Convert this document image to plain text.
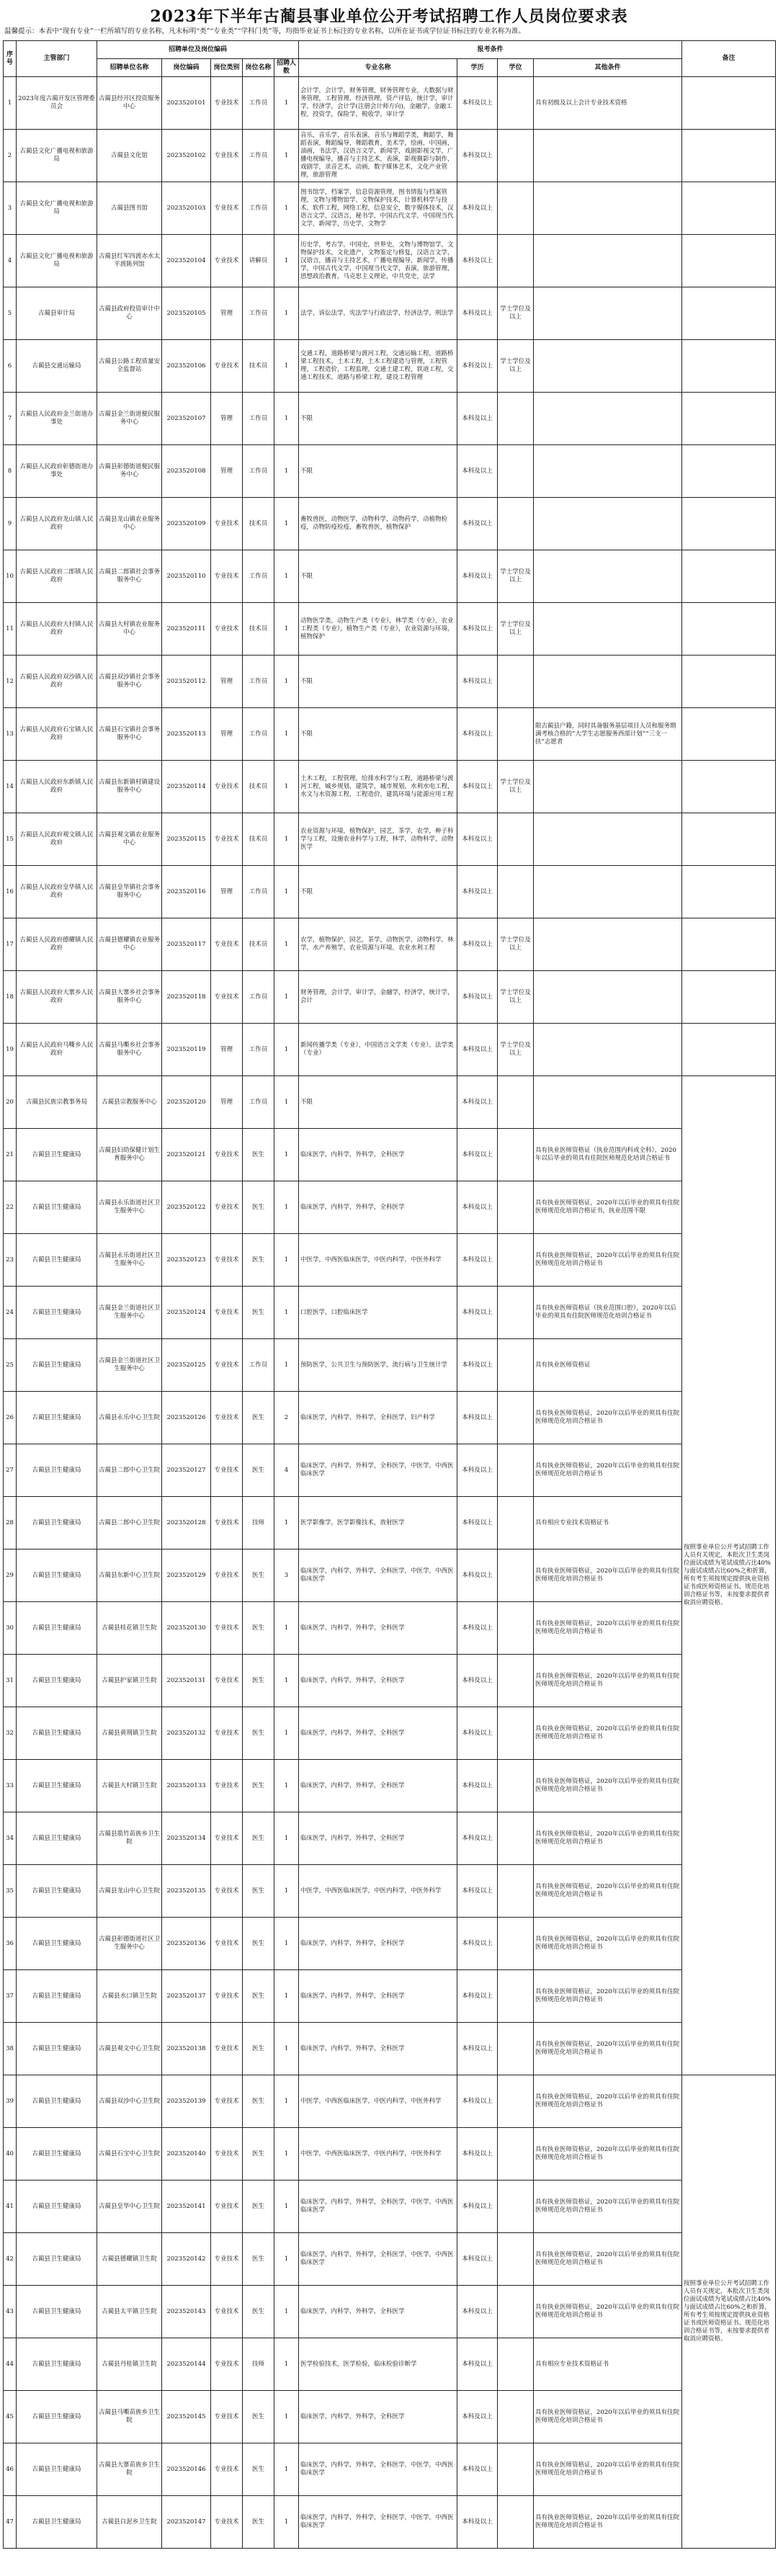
2023年下半年古蔺县事业单位公开考试招聘工作人员岗位要求表
温馨提示：本表中“现有专业”一栏所填写的专业名称，凡未标明“类”“专业类”“学科门类”等，均指毕业证书上标注的专业名称，以所在证书或学位证书标注的专业名称为准。
序号	主管部门	招聘单位及岗位编码					报考条件				备注
		招聘单位名称	岗位编码	岗位类别	岗位名称	招聘人数	专业名称	学历	学位	其他条件	
1	2023年度古蔺开发区管理委员会	古蔺县经开区投资服务中心	2023520101	专业技术	工作员	1	会计学，会计学，财务管理，财务管理专业，大数据与财务管理，工程管理，经济管理，资产评估，统计学，审计学，经济学，会计学(注册会计师方向)，金融学，金融工程，投资学，保险学，税收学，审计学	本科及以上		具有初级及以上会计专业技术资格	
2	古蔺县文化广播电视和旅游局	古蔺县文化馆	2023520102	专业技术	工作员	1	音乐，音乐学，音乐表演，音乐与舞蹈学类，舞蹈学，舞蹈表演，舞蹈编导，舞蹈教育，美术学，绘画，中国画，油画，书法学，汉语言文学，新闻学，戏剧影视文学，广播电视编导，播音与主持艺术，表演，影视摄影与制作，戏剧学，录音艺术，动画，数字媒体艺术，文化产业管理，旅游管理	本科及以上			
3	古蔺县文化广播电视和旅游局	古蔺县图书馆	2023520103	专业技术	工作员	1	图书馆学，档案学，信息资源管理，图书情报与档案管理，文物与博物馆学，文物保护技术，计算机科学与技术，软件工程，网络工程，信息安全，数字媒体技术，汉语言文学，汉语言，秘书学，中国古代文学，中国现当代文学，新闻学，历史学，文物学	本科及以上			
4	古蔺县文化广播电视和旅游局	古蔺县红军四渡赤水太平渡陈列馆	2023520104	专业技术	讲解员	1	历史学，考古学，中国史，世界史，文物与博物馆学，文物保护技术，文化遗产，文物鉴定与修复，汉语言文学，汉语言，播音与主持艺术，广播电视编导，新闻学，传播学，中国古代文学，中国现当代文学，表演，旅游管理，思想政治教育，马克思主义理论，中共党史，法学	本科及以上			
5	古蔺县审计局	古蔺县政府投资审计中心	2023520105	管理	工作员	1	法学，诉讼法学，宪法学与行政法学，经济法学，刑法学	本科及以上	学士学位及以上		
6	古蔺县交通运输局	古蔺县公路工程质量安全监督站	2023520106	专业技术	技术员	1	交通工程，道路桥梁与渡河工程，交通运输工程，道路桥梁工程技术，土木工程，土木工程建造与管理，工程管理，工程造价，工程监理，交通土建工程，铁道工程，交通工程技术，道路与桥梁工程，建设工程管理	本科及以上	学士学位及以上		
7	古蔺县人民政府金兰街道办事处	古蔺县金兰街道便民服务中心	2023520107	管理	工作员	1	不限	本科及以上			
8	古蔺县人民政府彰德街道办事处	古蔺县彰德街道便民服务中心	2023520108	管理	工作员	1	不限	本科及以上			
9	古蔺县人民政府龙山镇人民政府	古蔺县龙山镇农业服务中心	2023520109	专业技术	技术员	1	畜牧兽医，动物医学，动物科学，动物药学，动植物检疫，动物防疫检疫，畜牧兽医，植物保护	本科及以上			
10	古蔺县人民政府二郎镇人民政府	古蔺县二郎镇社会事务服务中心	2023520110	专业技术	工作员	1	不限	本科及以上	学士学位及以上		
11	古蔺县人民政府大村镇人民政府	古蔺县大村镇农业服务中心	2023520111	专业技术	技术员	1	动物医学类，动物生产类（专业），林学类（专业），农业工程类（专业），植物生产类（专业），农业资源与环境，植物保护	本科及以上	学士学位及以上		
12	古蔺县人民政府双沙镇人民政府	古蔺县双沙镇社会事务服务中心	2023520112	管理	工作员	1	不限	本科及以上			
13	古蔺县人民政府石宝镇人民政府	古蔺县石宝镇社会事务服务中心	2023520113	管理	工作员	1	不限	本科及以上		限古蔺县户籍，同时具备服务基层项目人员和服务期满考核合格的“大学生志愿服务西部计划”“三支一扶”志愿者	
14	古蔺县人民政府东新镇人民政府	古蔺县东新镇村镇建设服务中心	2023520114	专业技术	技术员	1	土木工程，工程管理，给排水科学与工程，道路桥梁与渡河工程，城乡规划，建筑学，城市规划，水利水电工程，水文与水资源工程，工程造价，建筑环境与能源应用工程	本科及以上	学士学位及以上		
15	古蔺县人民政府观文镇人民政府	古蔺县观文镇农业服务中心	2023520115	专业技术	技术员	1	农业资源与环境，植物保护，园艺，茶学，农学，种子科学与工程，设施农业科学与工程，林学，动物科学，动物医学	本科及以上			
16	古蔺县人民政府皇华镇人民政府	古蔺县皇华镇社会事务服务中心	2023520116	管理	工作员	1	不限	本科及以上			
17	古蔺县人民政府德耀镇人民政府	古蔺县德耀镇农业服务中心	2023520117	专业技术	技术员	1	农学，植物保护，园艺，茶学，动物医学，动物科学，林学，水产养殖学，农业资源与环境，农业水利工程	本科及以上	学士学位及以上		
18	古蔺县人民政府大寨乡人民政府	古蔺县大寨乡社会事务服务中心	2023520118	专业技术	工作员	1	财务管理，会计学，审计学，金融学，经济学，统计学，会计	本科及以上	学士学位及以上		
19	古蔺县人民政府马嘶乡人民政府	古蔺县马嘶乡社会事务服务中心	2023520119	管理	工作员	1	新闻传播学类（专业），中国语言文学类（专业），法学类（专业）	本科及以上	学士学位及以上		
20	古蔺县民族宗教事务局	古蔺县宗教服务中心	2023520120	管理	工作员	1	不限	本科及以上			按照事业单位公开考试招聘工作人员有关规定，本批次卫生类岗位面试成绩为笔试成绩占比40%与面试成绩占比60%之和折算，所有考生须按规定提供执业资格证书或医师资格证书、规范化培训合格证书等，未按要求提供者取消应聘资格。
21	古蔺县卫生健康局	古蔺县妇幼保健计划生育服务中心	2023520121	专业技术	医生	1	临床医学，内科学，外科学，全科医学	本科及以上		具有执业医师资格证（执业范围内科或全科），2020年以后毕业的须具有住院医师规范化培训合格证书	
22	古蔺县卫生健康局	古蔺县永乐街道社区卫生服务中心	2023520122	专业技术	医生	1	临床医学，内科学，外科学，全科医学	本科及以上		具有执业医师资格证，2020年以后毕业的须具有住院医师规范化培训合格证书，执业范围不限	
23	古蔺县卫生健康局	古蔺县永乐街道社区卫生服务中心	2023520123	专业技术	医生	1	中医学，中西医临床医学，中医内科学，中医外科学	本科及以上		具有执业医师资格证，2020年以后毕业的须具有住院医师规范化培训合格证书	
24	古蔺县卫生健康局	古蔺县金兰街道社区卫生服务中心	2023520124	专业技术	医生	1	口腔医学，口腔临床医学	本科及以上		具有执业医师资格证（执业范围口腔），2020年以后毕业的须具有住院医师规范化培训合格证书	
25	古蔺县卫生健康局	古蔺县金兰街道社区卫生服务中心	2023520125	专业技术	工作员	1	预防医学，公共卫生与预防医学，流行病与卫生统计学	本科及以上		具有执业医师资格证	
26	古蔺县卫生健康局	古蔺县永乐中心卫生院	2023520126	专业技术	医生	2	临床医学，内科学，外科学，全科医学，妇产科学	本科及以上		具有执业医师资格证，2020年以后毕业的须具有住院医师规范化培训合格证书	
27	古蔺县卫生健康局	古蔺县二郎中心卫生院	2023520127	专业技术	医生	4	临床医学，内科学，外科学，全科医学，中医学，中西医临床医学	本科及以上		具有执业医师资格证，2020年以后毕业的须具有住院医师规范化培训合格证书	
28	古蔺县卫生健康局	古蔺县二郎中心卫生院	2023520128	专业技术	技师	1	医学影像学，医学影像技术，放射医学	本科及以上		具有相应专业技术资格证书	
29	古蔺县卫生健康局	古蔺县东新中心卫生院	2023520129	专业技术	医生	3	临床医学，内科学，外科学，全科医学，中医学，中西医临床医学	本科及以上		具有执业医师资格证，2020年以后毕业的须具有住院医师规范化培训合格证书	
30	古蔺县卫生健康局	古蔺县桂花镇卫生院	2023520130	专业技术	医生	1	临床医学，内科学，外科学，全科医学	本科及以上		具有执业医师资格证，2020年以后毕业的须具有住院医师规范化培训合格证书	
31	古蔺县卫生健康局	古蔺县护家镇卫生院	2023520131	专业技术	医生	1	临床医学，内科学，外科学，全科医学	本科及以上		具有执业医师资格证，2020年以后毕业的须具有住院医师规范化培训合格证书	
32	古蔺县卫生健康局	古蔺县黄荆镇卫生院	2023520132	专业技术	医生	1	临床医学，内科学，外科学，全科医学	本科及以上		具有执业医师资格证，2020年以后毕业的须具有住院医师规范化培训合格证书	
33	古蔺县卫生健康局	古蔺县大村镇卫生院	2023520133	专业技术	医生	1	临床医学，内科学，外科学，全科医学	本科及以上		具有执业医师资格证，2020年以后毕业的须具有住院医师规范化培训合格证书	
34	古蔺县卫生健康局	古蔺县箭竹苗族乡卫生院	2023520134	专业技术	医生	1	临床医学，内科学，外科学，全科医学	本科及以上		具有执业医师资格证，2020年以后毕业的须具有住院医师规范化培训合格证书	
35	古蔺县卫生健康局	古蔺县龙山中心卫生院	2023520135	专业技术	医生	1	中医学，中西医临床医学，中医内科学，中医外科学	本科及以上		具有执业医师资格证，2020年以后毕业的须具有住院医师规范化培训合格证书	
36	古蔺县卫生健康局	古蔺县彰德街道社区卫生服务中心	2023520136	专业技术	医生	1	临床医学，内科学，外科学，全科医学	本科及以上		具有执业医师资格证，2020年以后毕业的须具有住院医师规范化培训合格证书	
37	古蔺县卫生健康局	古蔺县水口镇卫生院	2023520137	专业技术	医生	1	临床医学，内科学，外科学，全科医学	本科及以上		具有执业医师资格证，2020年以后毕业的须具有住院医师规范化培训合格证书	
38	古蔺县卫生健康局	古蔺县观文中心卫生院	2023520138	专业技术	医生	1	临床医学，内科学，外科学，全科医学	本科及以上		具有执业医师资格证，2020年以后毕业的须具有住院医师规范化培训合格证书	
39	古蔺县卫生健康局	古蔺县双沙中心卫生院	2023520139	专业技术	医生	1	中医学，中西医临床医学，中医内科学，中医外科学	本科及以上		具有执业医师资格证，2020年以后毕业的须具有住院医师规范化培训合格证书	按照事业单位公开考试招聘工作人员有关规定，本批次卫生类岗位面试成绩为笔试成绩占比40%与面试成绩占比60%之和折算，所有考生须按规定提供执业资格证书或医师资格证书、规范化培训合格证书等，未按要求提供者取消应聘资格。
40	古蔺县卫生健康局	古蔺县石宝中心卫生院	2023520140	专业技术	医生	1	中医学，中西医临床医学，中医内科学，中医外科学	本科及以上		具有执业医师资格证，2020年以后毕业的须具有住院医师规范化培训合格证书	
41	古蔺县卫生健康局	古蔺县皇华中心卫生院	2023520141	专业技术	医生	1	临床医学，内科学，外科学，全科医学，中医学，中西医临床医学	本科及以上		具有执业医师资格证，2020年以后毕业的须具有住院医师规范化培训合格证书	
42	古蔺县卫生健康局	古蔺县德耀镇卫生院	2023520142	专业技术	医生	1	临床医学，内科学，外科学，全科医学，中医学，中西医临床医学	本科及以上		具有执业医师资格证，2020年以后毕业的须具有住院医师规范化培训合格证书	
43	古蔺县卫生健康局	古蔺县太平镇卫生院	2023520143	专业技术	医生	1	临床医学，内科学，外科学，全科医学	本科及以上		具有执业医师资格证，2020年以后毕业的须具有住院医师规范化培训合格证书	
44	古蔺县卫生健康局	古蔺县丹桂镇卫生院	2023520144	专业技术	技师	1	医学检验技术，医学检验，临床检验诊断学	本科及以上		具有相应专业技术资格证书	
45	古蔺县卫生健康局	古蔺县马嘶苗族乡卫生院	2023520145	专业技术	医生	1	临床医学，内科学，外科学，全科医学	本科及以上		具有执业医师资格证，2020年以后毕业的须具有住院医师规范化培训合格证书	
46	古蔺县卫生健康局	古蔺县大寨苗族乡卫生院	2023520146	专业技术	医生	1	临床医学，内科学，外科学，全科医学，中医学，中西医临床医学	本科及以上		具有执业医师资格证，2020年以后毕业的须具有住院医师规范化培训合格证书	
47	古蔺县卫生健康局	古蔺县白泥乡卫生院	2023520147	专业技术	医生	1	临床医学，内科学，外科学，全科医学，中医学，中西医临床医学	本科及以上		具有执业医师资格证，2020年以后毕业的须具有住院医师规范化培训合格证书	
